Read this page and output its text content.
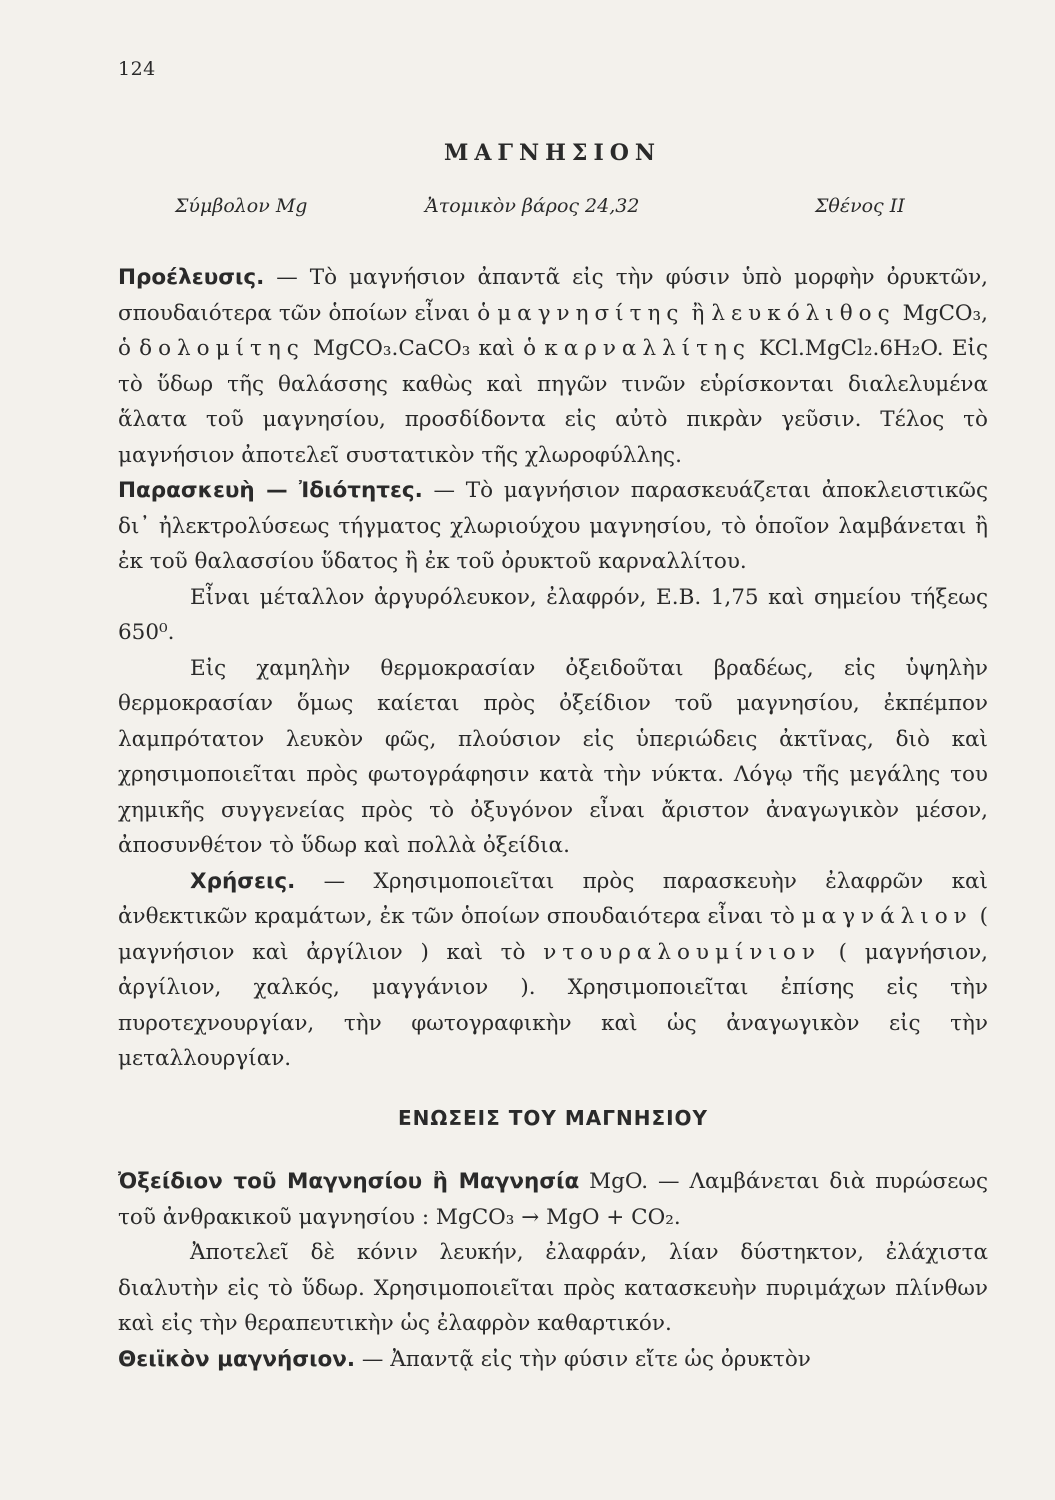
124
ΜΑΓΝΗΣΙΟΝ
Σύμβολον Mg	Ἀτομικὸν βάρος 24,32	Σθένος II

Προέλευσις. — Τὸ μαγνήσιον ἀπαντᾶ εἰς τὴν φύσιν ὑπὸ μορφὴν ὀρυκτῶν, σπουδαιότερα τῶν ὁποίων εἶναι ὁ μαγνησίτης ἢ λευκόλιθος MgCO₃, ὁ δολομίτης MgCO₃.CaCO₃ καὶ ὁ καρναλλίτης KCl.MgCl₂.6H₂O. Εἰς τὸ ὕδωρ τῆς θαλάσσης καθὼς καὶ πηγῶν τινῶν εὑρίσκονται διαλελυμένα ἅλατα τοῦ μαγνησίου, προσδίδοντα εἰς αὐτὸ πικρὰν γεῦσιν. Τέλος τὸ μαγνήσιον ἀποτελεῖ συστατικὸν τῆς χλωροφύλλης.

Παρασκευὴ — Ἰδιότητες. — Τὸ μαγνήσιον παρασκευάζεται ἀποκλειστικῶς δι᾽ ἠλεκτρολύσεως τήγματος χλωριούχου μαγνησίου, τὸ ὁποῖον λαμβάνεται ἢ ἐκ τοῦ θαλασσίου ὕδατος ἢ ἐκ τοῦ ὀρυκτοῦ καρναλλίτου.

Εἶναι μέταλλον ἀργυρόλευκον, ἐλαφρόν, Ε.Β. 1,75 καὶ σημείου τήξεως 650⁰.

Εἰς χαμηλὴν θερμοκρασίαν ὀξειδοῦται βραδέως, εἰς ὑψηλὴν θερμοκρασίαν ὅμως καίεται πρὸς ὀξείδιον τοῦ μαγνησίου, ἐκπέμπον λαμπρότατον λευκὸν φῶς, πλούσιον εἰς ὑπεριώδεις ἀκτῖνας, διὸ καὶ χρησιμοποιεῖται πρὸς φωτογράφησιν κατὰ τὴν νύκτα. Λόγῳ τῆς μεγάλης του χημικῆς συγγενείας πρὸς τὸ ὀξυγόνον εἶναι ἄριστον ἀναγωγικὸν μέσον, ἀποσυνθέτον τὸ ὕδωρ καὶ πολλὰ ὀξείδια.

Χρήσεις. — Χρησιμοποιεῖται πρὸς παρασκευὴν ἐλαφρῶν καὶ ἀνθεκτικῶν κραμάτων, ἐκ τῶν ὁποίων σπουδαιότερα εἶναι τὸ μαγνάλιον ( μαγνήσιον καὶ ἀργίλιον ) καὶ τὸ ντουραλουμίνιον ( μαγνήσιον, ἀργίλιον, χαλκός, μαγγάνιον ). Χρησιμοποιεῖται ἐπίσης εἰς τὴν πυροτεχνουργίαν, τὴν φωτογραφικὴν καὶ ὡς ἀναγωγικὸν εἰς τὴν μεταλλουργίαν.

ΕΝΩΣΕΙΣ ΤΟΥ ΜΑΓΝΗΣΙΟΥ

Ὀξείδιον τοῦ Μαγνησίου ἢ Μαγνησία MgO. — Λαμβάνεται διὰ πυρώσεως τοῦ ἀνθρακικοῦ μαγνησίου : MgCO₃ → MgO + CO₂.

Ἀποτελεῖ δὲ κόνιν λευκήν, ἐλαφράν, λίαν δύστηκτον, ἐλάχιστα διαλυτὴν εἰς τὸ ὕδωρ. Χρησιμοποιεῖται πρὸς κατασκευὴν πυριμάχων πλίνθων καὶ εἰς τὴν θεραπευτικὴν ὡς ἐλαφρὸν καθαρτικόν.

Θειϊκὸν μαγνήσιον. — Ἀπαντᾷ εἰς τὴν φύσιν εἴτε ὡς ὀρυκτὸν
